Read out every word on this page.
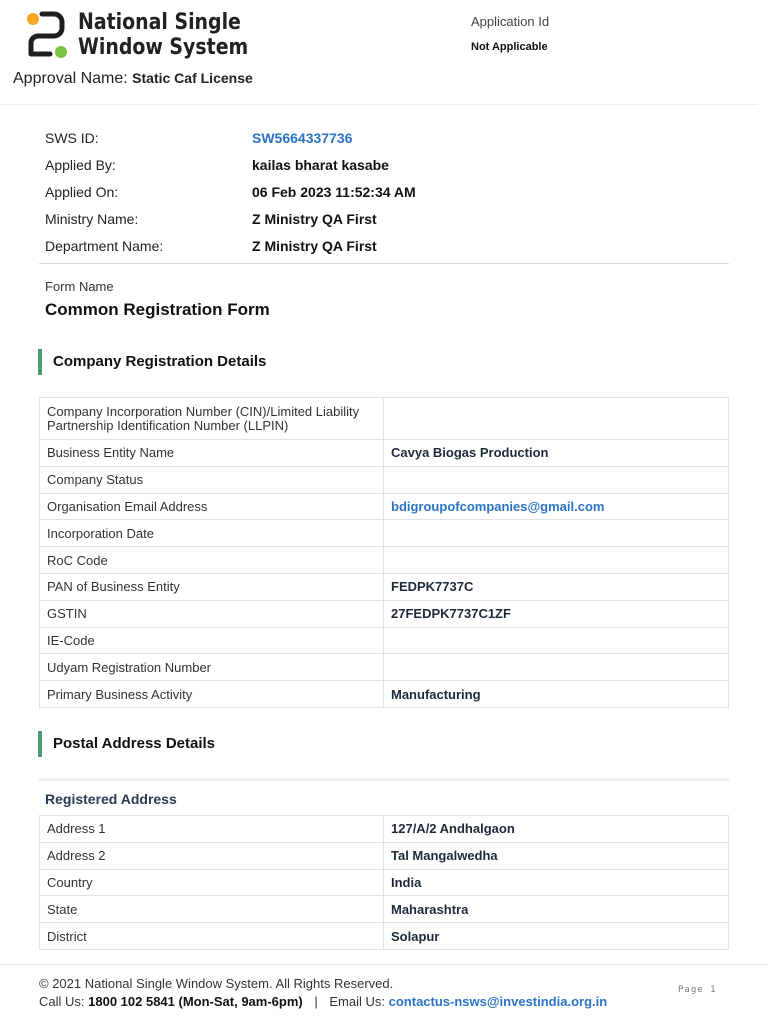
National Single
Window System
Application Id
Not Applicable
Approval Name: Static Caf License
SWS ID:	SW5664337736
Applied By:	kailas bharat kasabe
Applied On:	06 Feb 2023 11:52:34 AM
Ministry Name:	Z Ministry QA First
Department Name:	Z Ministry QA First
Form Name
Common Registration Form
Company Registration Details
Company Incorporation Number (CIN)/Limited Liability Partnership Identification Number (LLPIN)	
Business Entity Name	Cavya Biogas Production
Company Status	
Organisation Email Address	bdigroupofcompanies@gmail.com
Incorporation Date	
RoC Code	
PAN of Business Entity	FEDPK7737C
GSTIN	27FEDPK7737C1ZF
IE-Code	
Udyam Registration Number	
Primary Business Activity	Manufacturing
Postal Address Details
Registered Address
Address 1	127/A/2 Andhalgaon
Address 2	Tal Mangalwedha
Country	India
State	Maharashtra
District	Solapur
© 2021 National Single Window System. All Rights Reserved.
Call Us: 1800 102 5841 (Mon-Sat, 9am-6pm) | Email Us: contactus-nsws@investindia.org.in
Page 1
